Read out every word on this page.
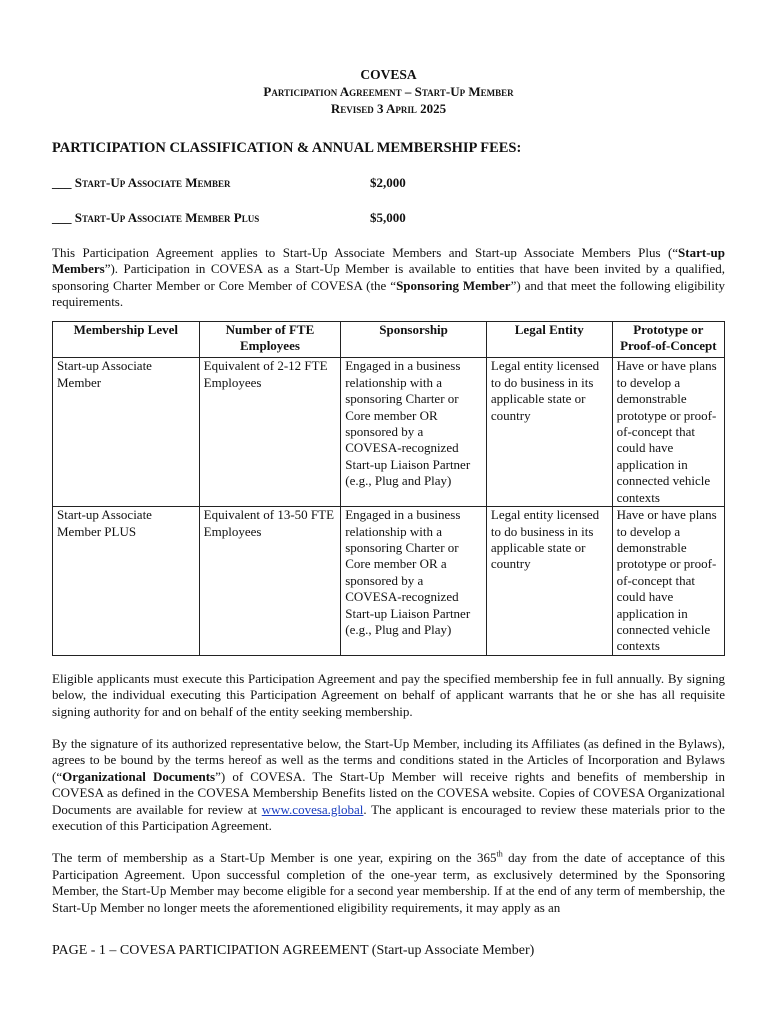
COVESA
Participation Agreement – Start-Up Member
Revised 3 April 2025
PARTICIPATION CLASSIFICATION & ANNUAL MEMBERSHIP FEES:
___ Start-Up Associate Member	$2,000
___ Start-Up Associate Member Plus	$5,000

This Participation Agreement applies to Start-Up Associate Members and Start-up Associate Members Plus (“Start-up Members”). Participation in COVESA as a Start-Up Member is available to entities that have been invited by a qualified, sponsoring Charter Member or Core Member of COVESA (the “Sponsoring Member”) and that meet the following eligibility requirements.

Membership Level	Number of FTE Employees	Sponsorship	Legal Entity	Prototype or Proof-of-Concept
Start-up Associate Member	Equivalent of 2-12 FTE Employees	Engaged in a business relationship with a sponsoring Charter or Core member OR sponsored by a COVESA-recognized Start-up Liaison Partner (e.g., Plug and Play)	Legal entity licensed to do business in its applicable state or country	Have or have plans to develop a demonstrable prototype or proof-of-concept that could have application in connected vehicle contexts
Start-up Associate Member PLUS	Equivalent of 13-50 FTE Employees	Engaged in a business relationship with a sponsoring Charter or Core member OR a sponsored by a COVESA-recognized Start-up Liaison Partner (e.g., Plug and Play)	Legal entity licensed to do business in its applicable state or country	Have or have plans to develop a demonstrable prototype or proof-of-concept that could have application in connected vehicle contexts

Eligible applicants must execute this Participation Agreement and pay the specified membership fee in full annually. By signing below, the individual executing this Participation Agreement on behalf of applicant warrants that he or she has all requisite signing authority for and on behalf of the entity seeking membership.

By the signature of its authorized representative below, the Start-Up Member, including its Affiliates (as defined in the Bylaws), agrees to be bound by the terms hereof as well as the terms and conditions stated in the Articles of Incorporation and Bylaws (“Organizational Documents”) of COVESA. The Start-Up Member will receive rights and benefits of membership in COVESA as defined in the COVESA Membership Benefits listed on the COVESA website. Copies of COVESA Organizational Documents are available for review at www.covesa.global. The applicant is encouraged to review these materials prior to the execution of this Participation Agreement.

The term of membership as a Start-Up Member is one year, expiring on the 365th day from the date of acceptance of this Participation Agreement. Upon successful completion of the one-year term, as exclusively determined by the Sponsoring Member, the Start-Up Member may become eligible for a second year membership. If at the end of any term of membership, the Start-Up Member no longer meets the aforementioned eligibility requirements, it may apply as an

PAGE - 1 – COVESA PARTICIPATION AGREEMENT (Start-up Associate Member)
